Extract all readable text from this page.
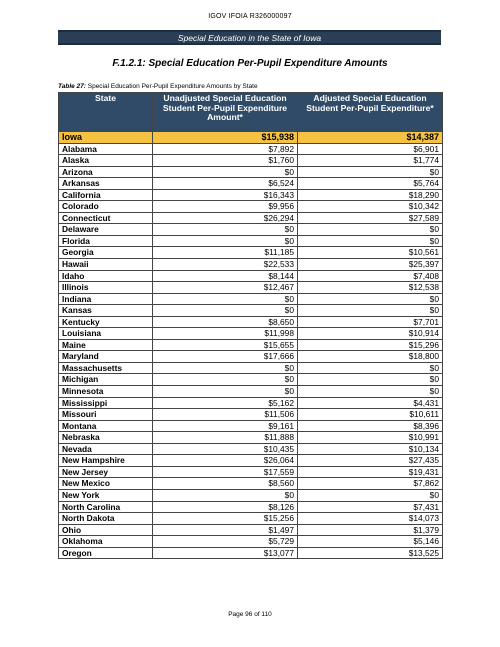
IGOV IFOIA R326000097
Special Education in the State of Iowa
F.1.2.1: Special Education Per-Pupil Expenditure Amounts
Table 27: Special Education Per-Pupil Expenditure Amounts by State
State	Unadjusted Special Education Student Per-Pupil Expenditure Amount*	Adjusted Special Education Student Per-Pupil Expenditure*
Iowa	$15,938	$14,387
Alabama	$7,892	$6,901
Alaska	$1,760	$1,774
Arizona	$0	$0
Arkansas	$6,524	$5,764
California	$16,343	$18,290
Colorado	$9,956	$10,342
Connecticut	$26,294	$27,589
Delaware	$0	$0
Florida	$0	$0
Georgia	$11,185	$10,561
Hawaii	$22,533	$25,397
Idaho	$8,144	$7,408
Illinois	$12,467	$12,538
Indiana	$0	$0
Kansas	$0	$0
Kentucky	$8,650	$7,701
Louisiana	$11,998	$10,914
Maine	$15,655	$15,296
Maryland	$17,666	$18,800
Massachusetts	$0	$0
Michigan	$0	$0
Minnesota	$0	$0
Mississippi	$5,162	$4,431
Missouri	$11,506	$10,611
Montana	$9,161	$8,396
Nebraska	$11,888	$10,991
Nevada	$10,435	$10,134
New Hampshire	$26,064	$27,435
New Jersey	$17,559	$19,431
New Mexico	$8,560	$7,862
New York	$0	$0
North Carolina	$8,126	$7,431
North Dakota	$15,256	$14,073
Ohio	$1,497	$1,379
Oklahoma	$5,729	$5,146
Oregon	$13,077	$13,525
Page 96 of 110
